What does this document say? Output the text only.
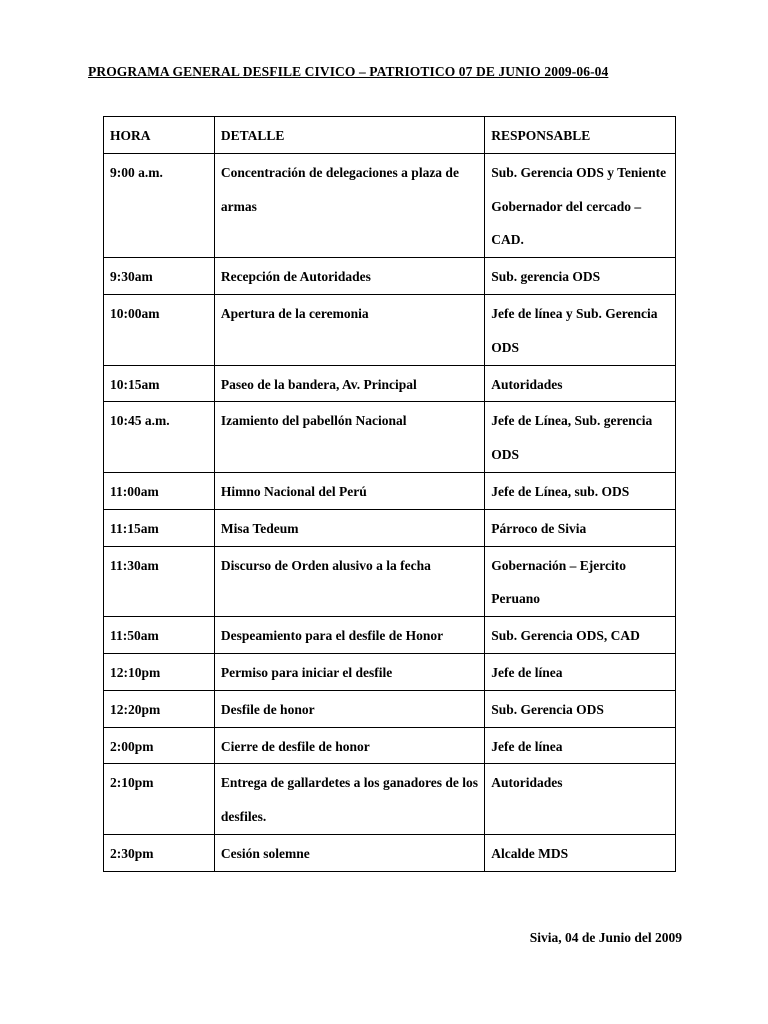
PROGRAMA GENERAL DESFILE CIVICO – PATRIOTICO 07 DE JUNIO 2009-06-04
HORA	DETALLE	RESPONSABLE
9:00 a.m.	Concentración de delegaciones a plaza de armas	Sub. Gerencia ODS y Teniente Gobernador del cercado – CAD.
9:30am	Recepción de Autoridades	Sub. gerencia ODS
10:00am	Apertura de la ceremonia	Jefe de línea y Sub. Gerencia ODS
10:15am	Paseo de la bandera, Av. Principal	Autoridades
10:45 a.m.	Izamiento del pabellón Nacional	Jefe de Línea, Sub. gerencia ODS
11:00am	Himno Nacional del Perú	Jefe de Línea, sub. ODS
11:15am	Misa Tedeum	Párroco de Sivia
11:30am	Discurso de Orden alusivo a la fecha	Gobernación – Ejercito Peruano
11:50am	Despeamiento para el desfile de Honor	Sub. Gerencia ODS, CAD
12:10pm	Permiso para iniciar el desfile	Jefe de línea
12:20pm	Desfile de honor	Sub. Gerencia ODS
2:00pm	Cierre de desfile de honor	Jefe de línea
2:10pm	Entrega de gallardetes a los ganadores de los desfiles.	Autoridades
2:30pm	Cesión solemne	Alcalde MDS
Sivia, 04 de Junio del 2009
